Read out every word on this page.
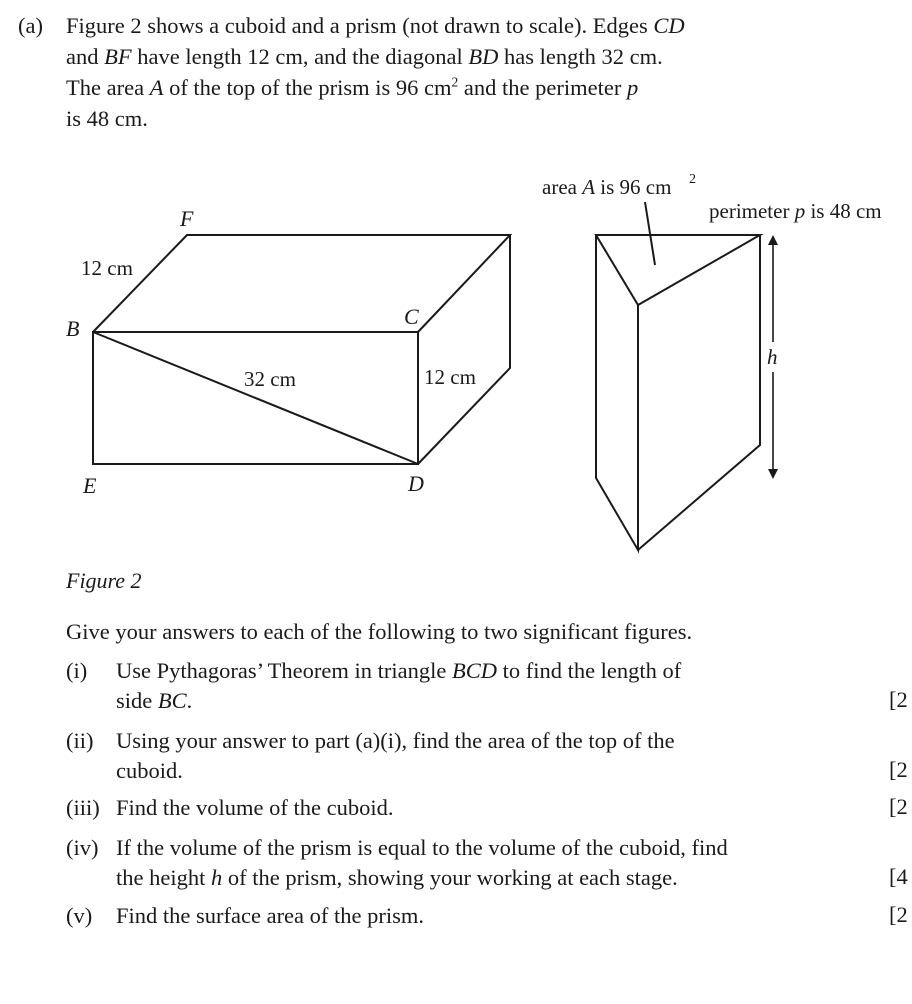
(a) Figure 2 shows a cuboid and a prism (not drawn to scale). Edges CD
and BF have length 12 cm, and the diagonal BD has length 32 cm.
The area A of the top of the prism is 96 $cm^2$ and the perimeter p
is 48 cm.
F
B	C
D
E
12 cm
32 cm	12 cm
area A is 96 cm 2
perimeter p is 48 cm
h
Figure 2
Give your answers to each of the following to two significant figures.
(i) Use Pythagoras’ Theorem in triangle BCD to find the length of
side BC.	[2
(ii) Using your answer to part (a)(i), find the area of the top of the
cuboid.	[2
(iii) Find the volume of the cuboid.	[2
(iv) If the volume of the prism is equal to the volume of the cuboid, find
the height h of the prism, showing your working at each stage.	[4
(v) Find the surface area of the prism.	[2
